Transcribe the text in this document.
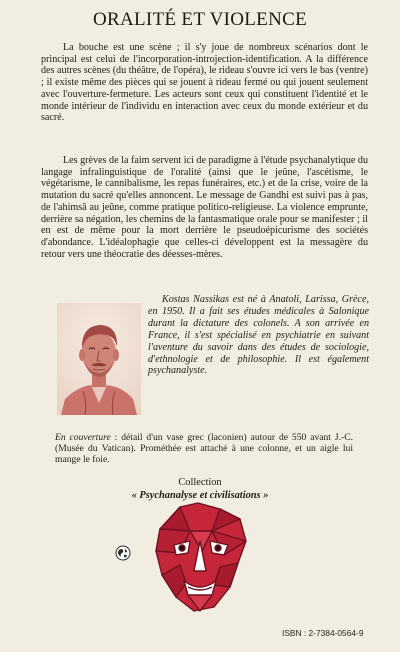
ORALITÉ ET VIOLENCE

La bouche est une scène ; il s'y joue de nombreux scénarios dont le principal est celui de l'incorporation-introjection-identification. A la différence des autres scènes (du théâtre, de l'opéra), le rideau s'ouvre ici vers le bas (ventre) ; il existe même des pièces qui se jouent à rideau fermé ou qui jouent seulement avec l'ouverture-fermeture. Les acteurs sont ceux qui constituent l'identité et le monde intérieur de l'individu en interaction avec ceux du monde extérieur et du sacré.

Les grèves de la faim servent ici de paradigme à l'étude psychanalytique du langage infralinguistique de l'oralité (ainsi que le jeûne, l'ascétisme, le végétarisme, le cannibalisme, les repas funéraires, etc.) et de la crise, voire de la mutation du sacré qu'elles annoncent. Le message de Gandhi est suivi pas à pas, de l'ahimsâ au jeûne, comme pratique politico-religieuse. La violence emprunte, derrière sa négation, les chemins de la fantasmatique orale pour se manifester ; il en est de même pour la mort derrière le pseudoépicurisme des sociétés d'abondance. L'idéalophagie que celles-ci développent est la messagère du retour vers une théocratie des déesses-mères.

Kostas Nassikas est né à Anatoli, Larissa, Grèce, en 1950. Il a fait ses études médicales à Salonique durant la dictature des colonels. A son arrivée en France, il s'est spécialisé en psychiatrie en suivant l'aventure du savoir dans des études de sociologie, d'ethnologie et de philosophie. Il est également psychanalyste.

En couverture : détail d'un vase grec (laconien) autour de 550 avant J.-C. (Musée du Vatican). Prométhée est attaché à une colonne, et un aigle lui mange le foie.

Collection
« Psychanalyse et civilisations »
ISBN : 2-7384-0564-9
